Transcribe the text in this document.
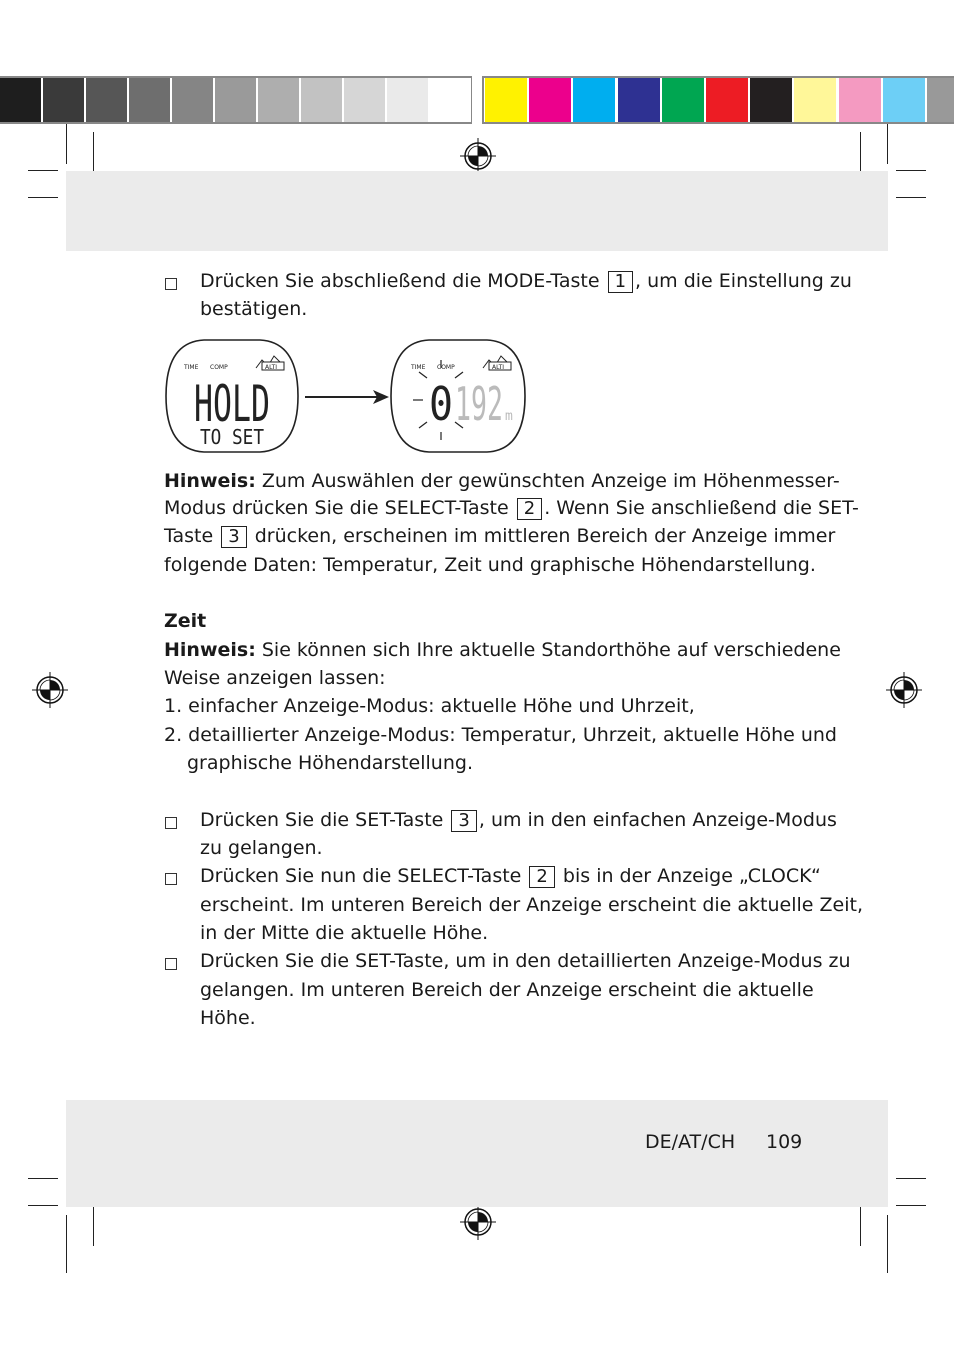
Drücken Sie abschließend die MODE-Taste 1 , um die Einstellung zu
bestätigen.
TIME COMP	ALTI
HOLD
TO SET
TIME COMP	ALTI
0 192 m
Hinweis: Zum Auswählen der gewünschten Anzeige im Höhenmesser-
Modus drücken Sie die SELECT-Taste 2 . Wenn Sie anschließend die SET-
Taste 3 drücken, erscheinen im mittleren Bereich der Anzeige immer
folgende Daten: Temperatur, Zeit und graphische Höhendarstellung.
Zeit
Hinweis: Sie können sich Ihre aktuelle Standorthöhe auf verschiedene
Weise anzeigen lassen:
1. einfacher Anzeige-Modus: aktuelle Höhe und Uhrzeit,
2. detaillierter Anzeige-Modus: Temperatur, Uhrzeit, aktuelle Höhe und
graphische Höhendarstellung.
Drücken Sie die SET-Taste 3 , um in den einfachen Anzeige-Modus
zu gelangen.
Drücken Sie nun die SELECT-Taste 2 bis in der Anzeige „CLOCK“
erscheint. Im unteren Bereich der Anzeige erscheint die aktuelle Zeit,
in der Mitte die aktuelle Höhe.
Drücken Sie die SET-Taste, um in den detaillierten Anzeige-Modus zu
gelangen. Im unteren Bereich der Anzeige erscheint die aktuelle
Höhe.
DE/AT/CH 109
